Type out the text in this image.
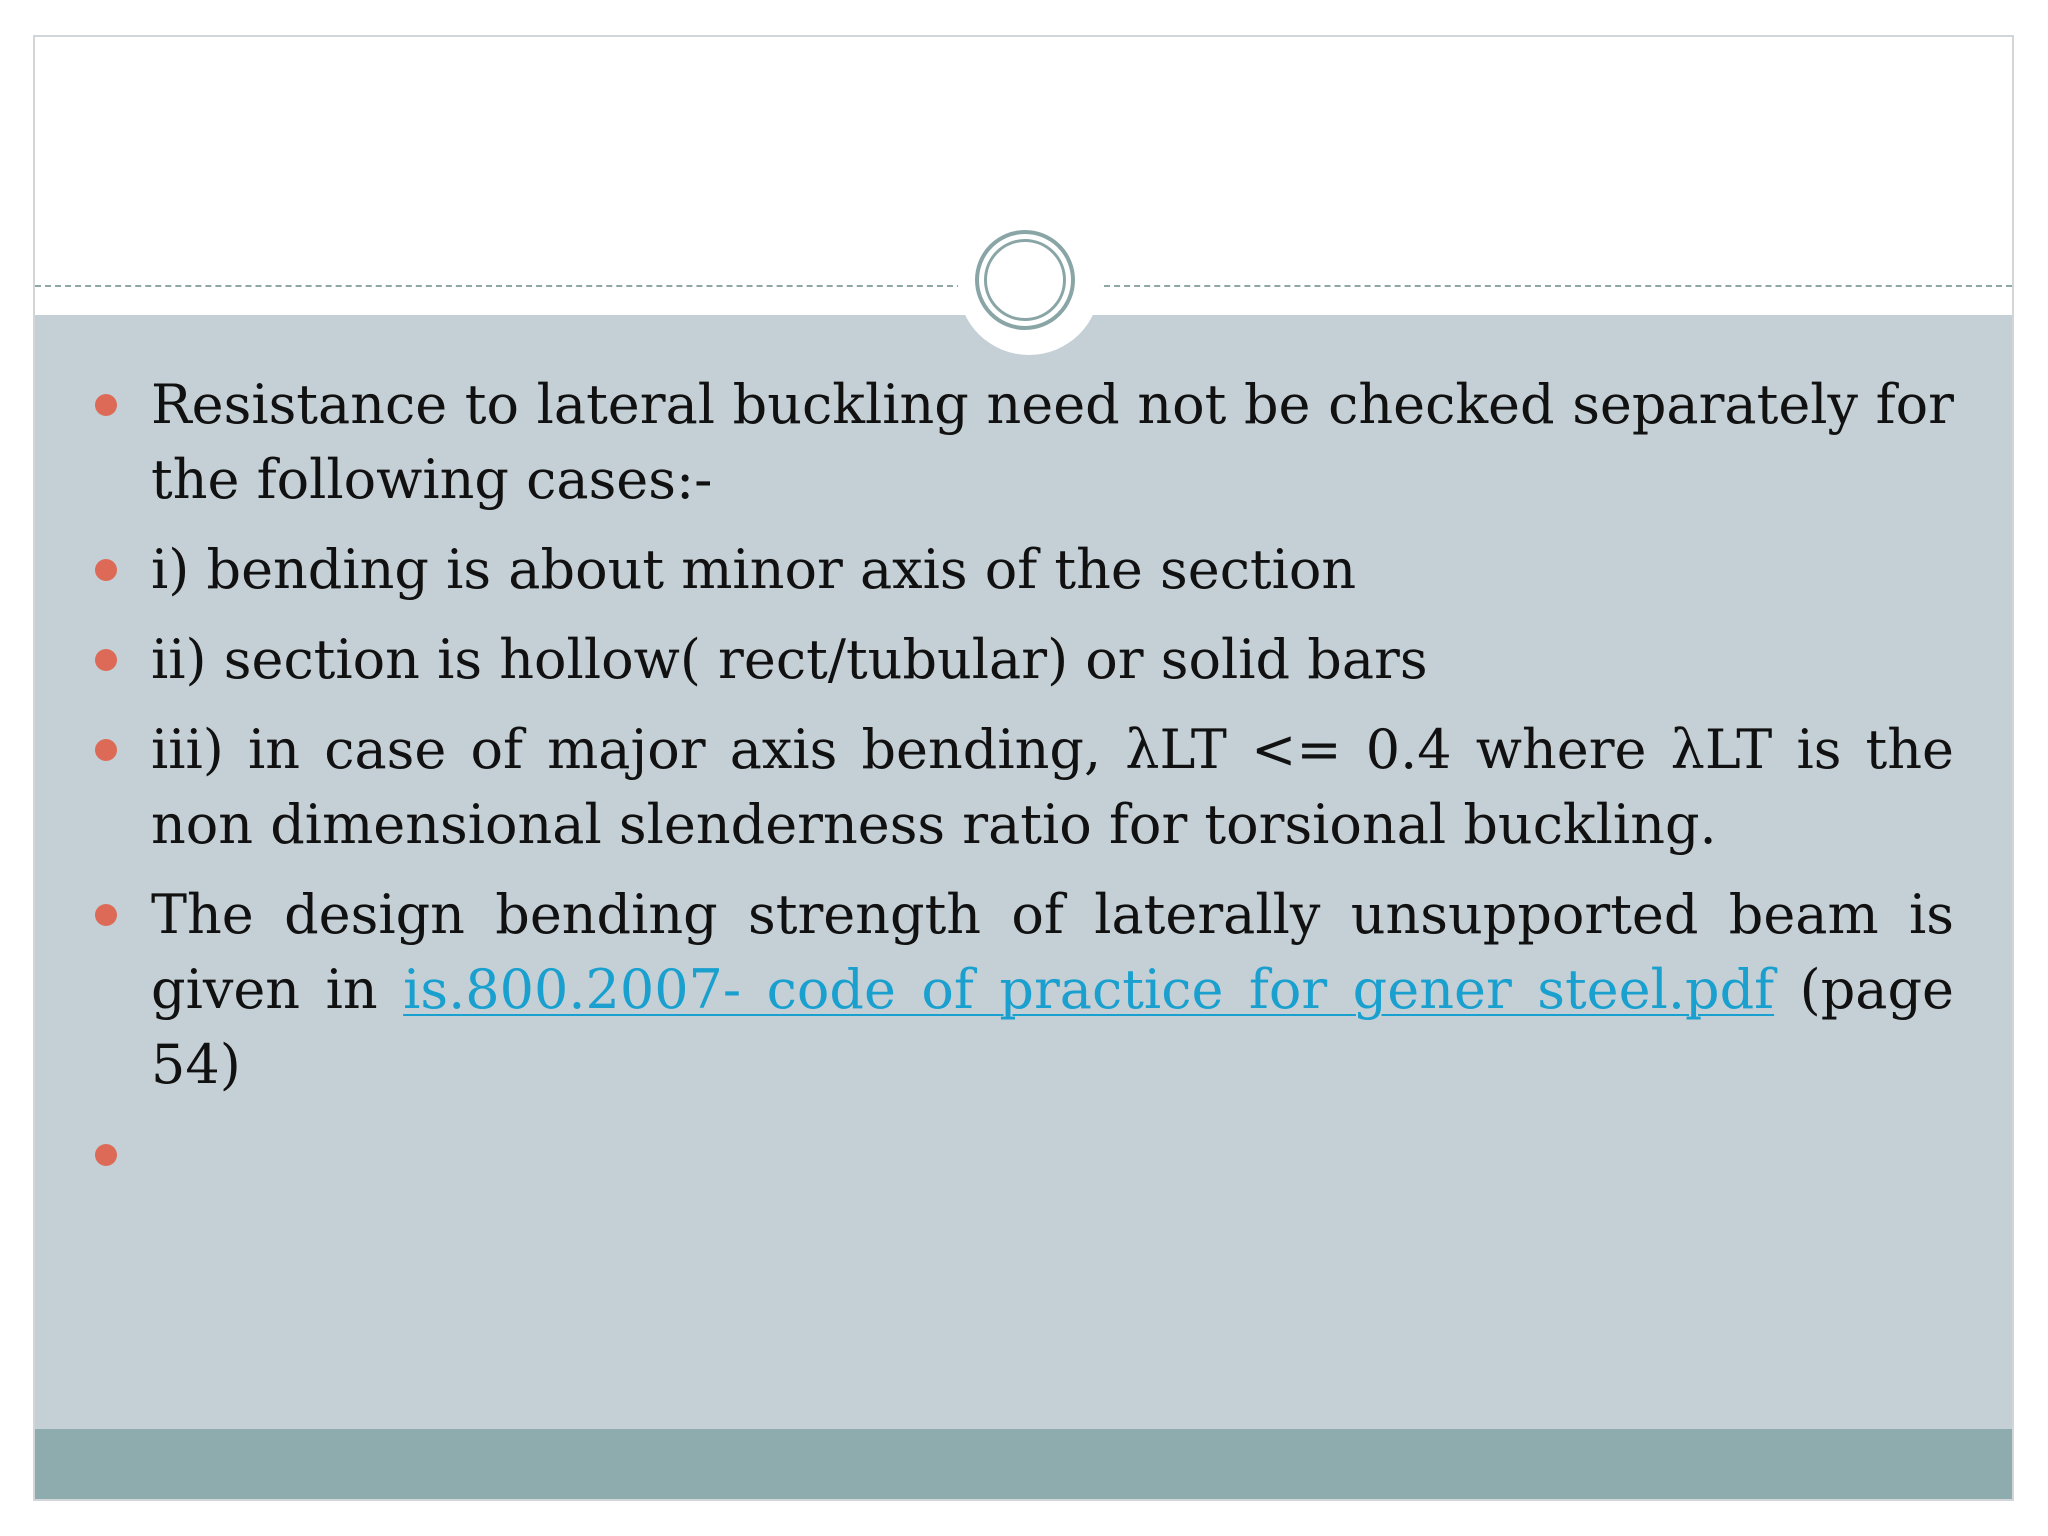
Resistance to lateral buckling need not be checked separately for the following cases:-
i) bending is about minor axis of the section
ii) section is hollow( rect/tubular) or solid bars
iii) in case of major axis bending, λLT <= 0.4 where λLT is the non dimensional slenderness ratio for torsional buckling.
The design bending strength of laterally unsupported beam is given in is.800.2007- code of practice for gener steel.pdf (page 54)
